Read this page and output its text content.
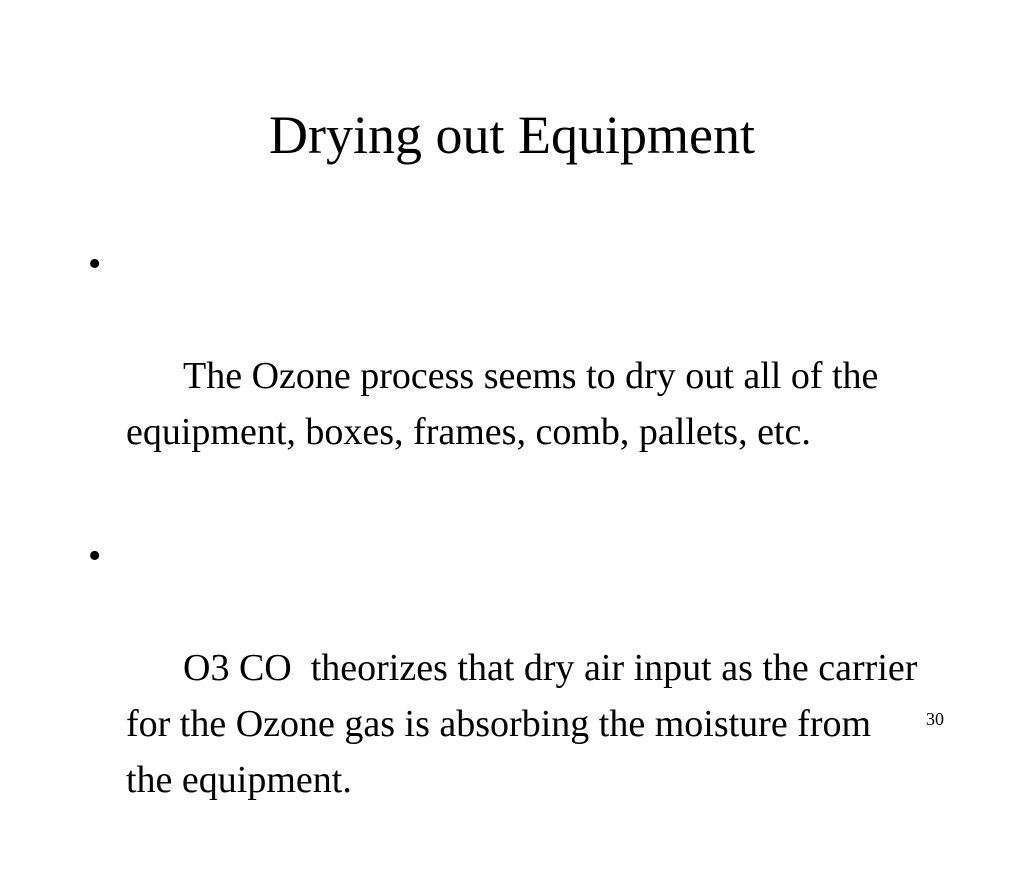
Drying out Equipment

•

The Ozone process seems to dry out all of the equipment, boxes, frames, comb, pallets, etc.

•

O3 CO  theorizes that dry air input as the carrier for the Ozone gas is absorbing the moisture from the equipment.

30
